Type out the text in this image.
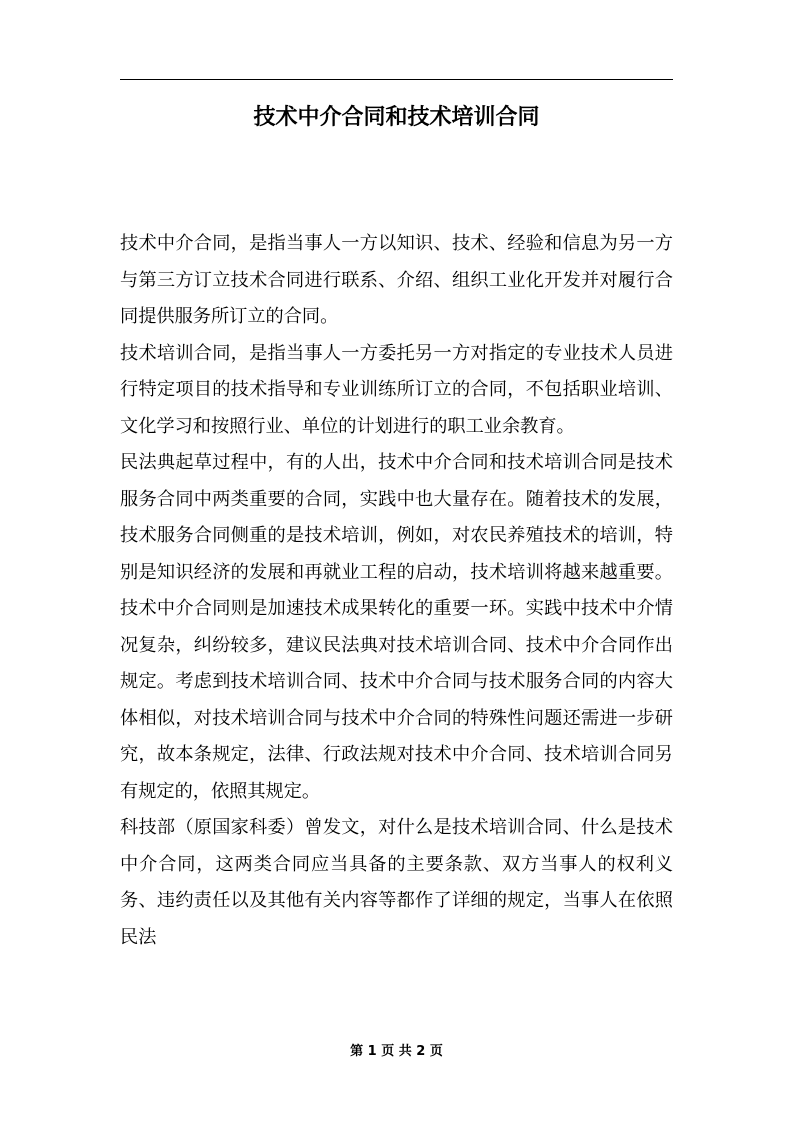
技术中介合同和技术培训合同

技术中介合同，是指当事人一方以知识、技术、经验和信息为另一方与第三方订立技术合同进行联系、介绍、组织工业化开发并对履行合同提供服务所订立的合同。

技术培训合同，是指当事人一方委托另一方对指定的专业技术人员进行特定项目的技术指导和专业训练所订立的合同，不包括职业培训、文化学习和按照行业、单位的计划进行的职工业余教育。

民法典起草过程中，有的人出，技术中介合同和技术培训合同是技术服务合同中两类重要的合同，实践中也大量存在。随着技术的发展，技术服务合同侧重的是技术培训，例如，对农民养殖技术的培训，特别是知识经济的发展和再就业工程的启动，技术培训将越来越重要。技术中介合同则是加速技术成果转化的重要一环。实践中技术中介情况复杂，纠纷较多，建议民法典对技术培训合同、技术中介合同作出规定。考虑到技术培训合同、技术中介合同与技术服务合同的内容大体相似，对技术培训合同与技术中介合同的特殊性问题还需进一步研究，故本条规定，法律、行政法规对技术中介合同、技术培训合同另有规定的，依照其规定。

科技部（原国家科委）曾发文，对什么是技术培训合同、什么是技术中介合同，这两类合同应当具备的主要条款、双方当事人的权利义务、违约责任以及其他有关内容等都作了详细的规定，当事人在依照民法

第 1 页 共 2 页
